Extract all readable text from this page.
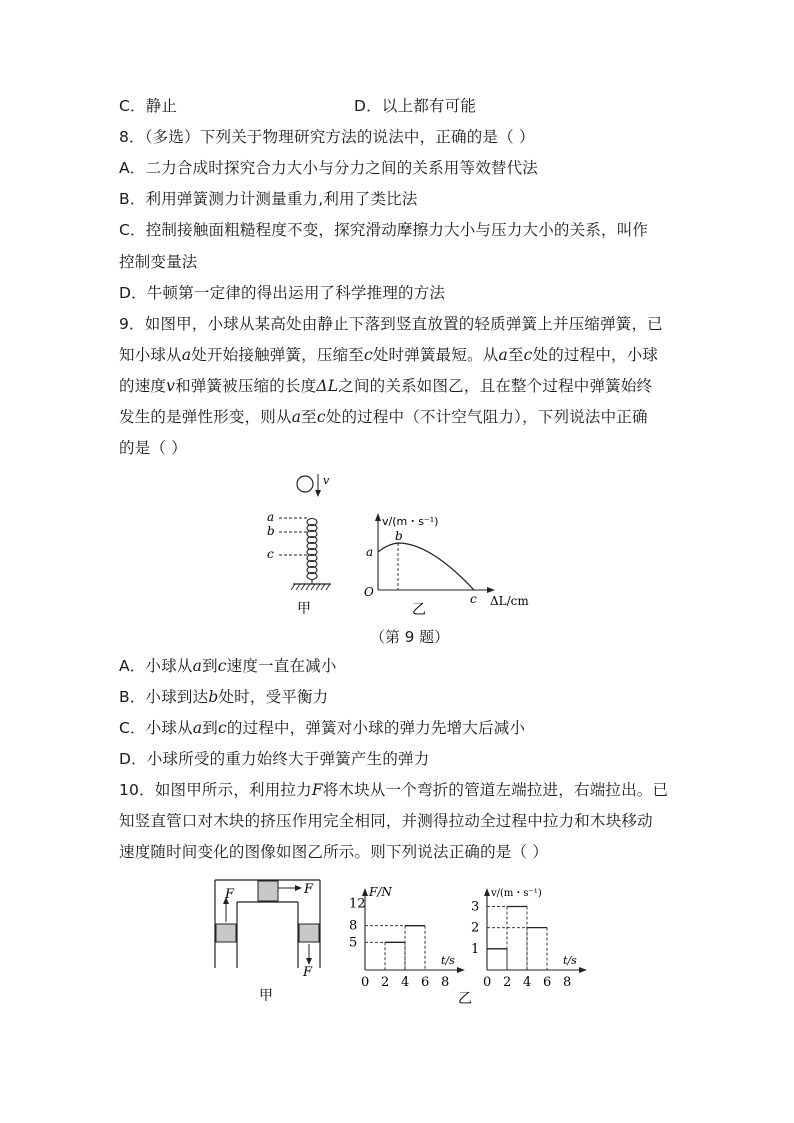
C．静止	D．以上都有可能
8．（多选）下列关于物理研究方法的说法中，正确的是（ ）
A．二力合成时探究合力大小与分力之间的关系用等效替代法
B．利用弹簧测力计测量重力,利用了类比法
C．控制接触面粗糙程度不变，探究滑动摩擦力大小与压力大小的关系，叫作
控制变量法
D．牛顿第一定律的得出运用了科学推理的方法
9．如图甲，小球从某高处由静止下落到竖直放置的轻质弹簧上并压缩弹簧，已
知小球从a处开始接触弹簧，压缩至c处时弹簧最短。从a至c处的过程中，小球
的速度v和弹簧被压缩的长度ΔL之间的关系如图乙，且在整个过程中弹簧始终
发生的是弹性形变，则从a至c处的过程中（不计空气阻力），下列说法中正确
的是（ ）
v
a
b
c
甲
v/(m・s⁻¹)
ΔL/cm
O
a
b
c
乙
（第 9 题）
A．小球从a到c速度一直在减小
B．小球到达b处时，受平衡力
C．小球从a到c的过程中，弹簧对小球的弹力先增大后减小
D．小球所受的重力始终大于弹簧产生的弹力
10．如图甲所示，利用拉力F将木块从一个弯折的管道左端拉进，右端拉出。已
知竖直管口对木块的挤压作用完全相同，并测得拉动全过程中拉力和木块移动
速度随时间变化的图像如图乙所示。则下列说法正确的是（ ）
F	F
F
甲
F/N
t/s
0 2 4 6 8
5
8
12
v/(m・s⁻¹)
t/s
0 2 4 6 8
1
2
3
乙
